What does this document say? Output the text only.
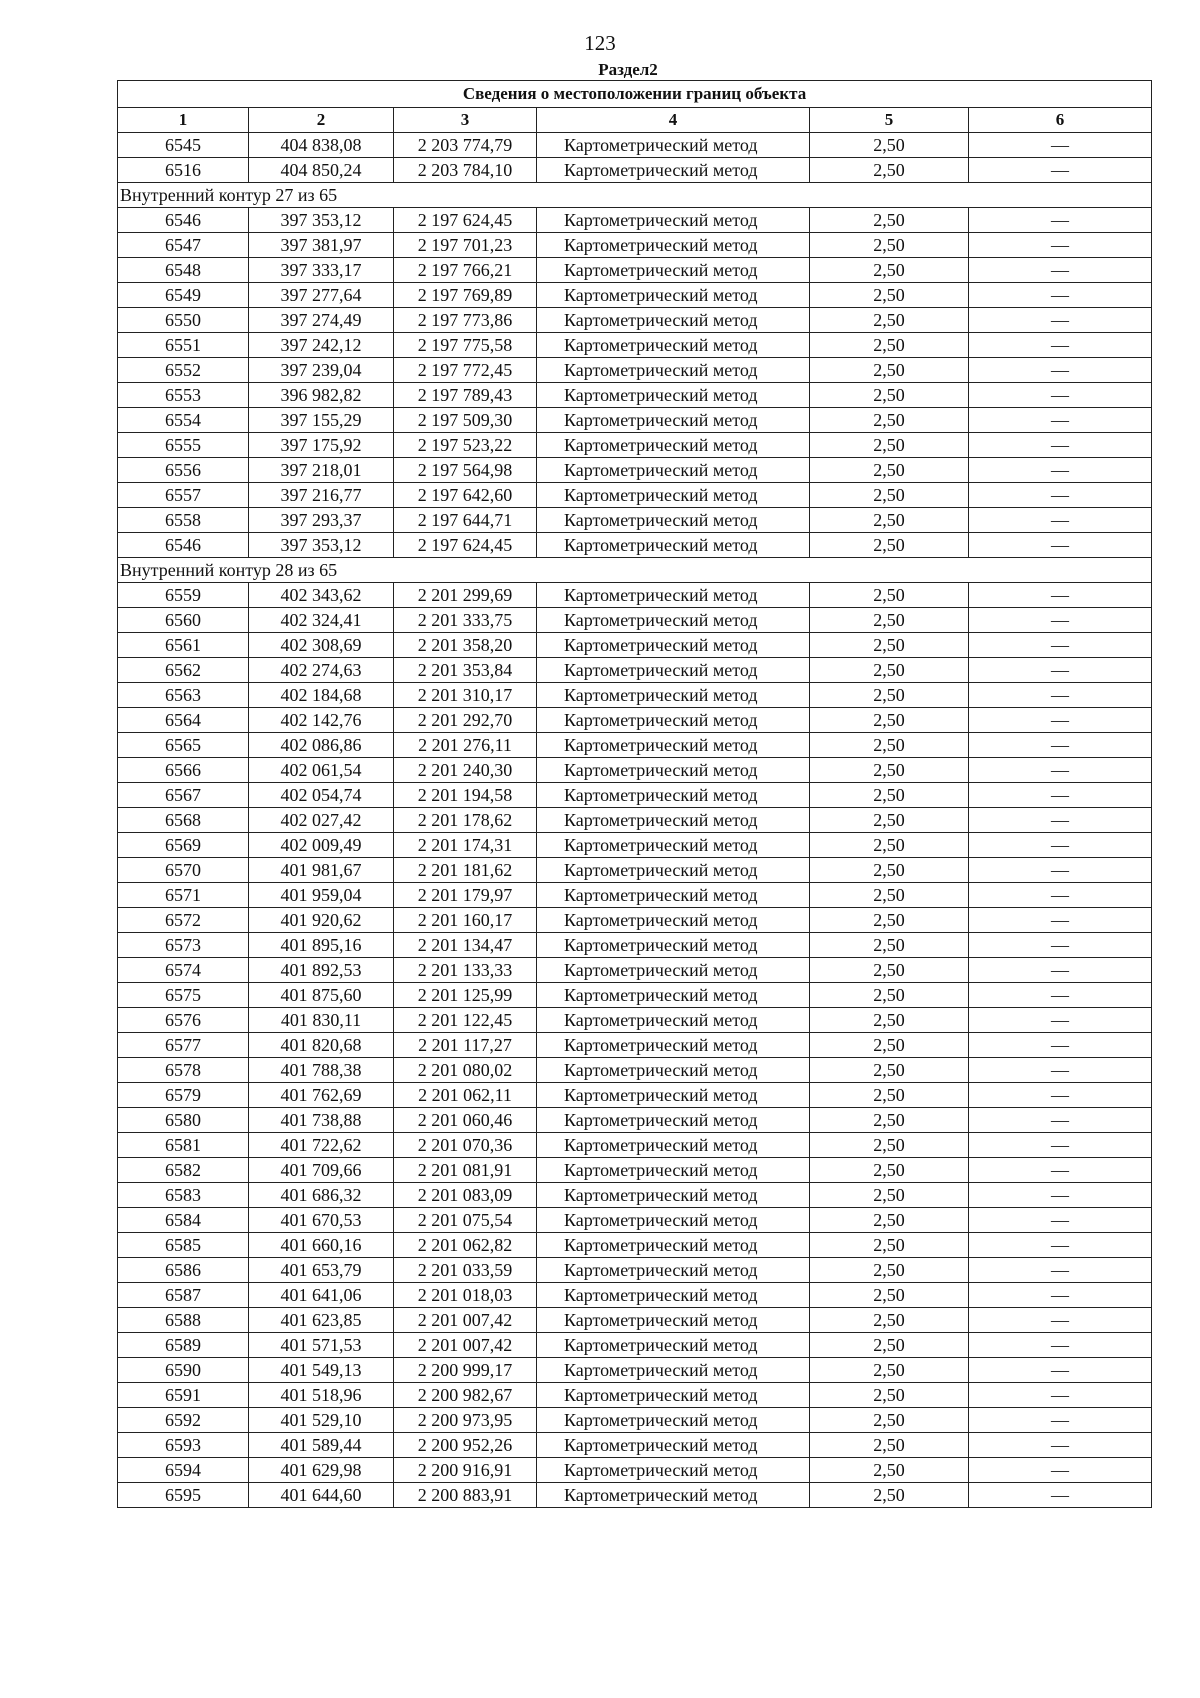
123
Раздел2
Сведения о местоположении границ объекта					
1	2	3	4	5	6
6545	404 838,08	2 203 774,79	Картометрический метод	2,50	—
6516	404 850,24	2 203 784,10	Картометрический метод	2,50	—
Внутренний контур 27 из 65					
6546	397 353,12	2 197 624,45	Картометрический метод	2,50	—
6547	397 381,97	2 197 701,23	Картометрический метод	2,50	—
6548	397 333,17	2 197 766,21	Картометрический метод	2,50	—
6549	397 277,64	2 197 769,89	Картометрический метод	2,50	—
6550	397 274,49	2 197 773,86	Картометрический метод	2,50	—
6551	397 242,12	2 197 775,58	Картометрический метод	2,50	—
6552	397 239,04	2 197 772,45	Картометрический метод	2,50	—
6553	396 982,82	2 197 789,43	Картометрический метод	2,50	—
6554	397 155,29	2 197 509,30	Картометрический метод	2,50	—
6555	397 175,92	2 197 523,22	Картометрический метод	2,50	—
6556	397 218,01	2 197 564,98	Картометрический метод	2,50	—
6557	397 216,77	2 197 642,60	Картометрический метод	2,50	—
6558	397 293,37	2 197 644,71	Картометрический метод	2,50	—
6546	397 353,12	2 197 624,45	Картометрический метод	2,50	—
Внутренний контур 28 из 65					
6559	402 343,62	2 201 299,69	Картометрический метод	2,50	—
6560	402 324,41	2 201 333,75	Картометрический метод	2,50	—
6561	402 308,69	2 201 358,20	Картометрический метод	2,50	—
6562	402 274,63	2 201 353,84	Картометрический метод	2,50	—
6563	402 184,68	2 201 310,17	Картометрический метод	2,50	—
6564	402 142,76	2 201 292,70	Картометрический метод	2,50	—
6565	402 086,86	2 201 276,11	Картометрический метод	2,50	—
6566	402 061,54	2 201 240,30	Картометрический метод	2,50	—
6567	402 054,74	2 201 194,58	Картометрический метод	2,50	—
6568	402 027,42	2 201 178,62	Картометрический метод	2,50	—
6569	402 009,49	2 201 174,31	Картометрический метод	2,50	—
6570	401 981,67	2 201 181,62	Картометрический метод	2,50	—
6571	401 959,04	2 201 179,97	Картометрический метод	2,50	—
6572	401 920,62	2 201 160,17	Картометрический метод	2,50	—
6573	401 895,16	2 201 134,47	Картометрический метод	2,50	—
6574	401 892,53	2 201 133,33	Картометрический метод	2,50	—
6575	401 875,60	2 201 125,99	Картометрический метод	2,50	—
6576	401 830,11	2 201 122,45	Картометрический метод	2,50	—
6577	401 820,68	2 201 117,27	Картометрический метод	2,50	—
6578	401 788,38	2 201 080,02	Картометрический метод	2,50	—
6579	401 762,69	2 201 062,11	Картометрический метод	2,50	—
6580	401 738,88	2 201 060,46	Картометрический метод	2,50	—
6581	401 722,62	2 201 070,36	Картометрический метод	2,50	—
6582	401 709,66	2 201 081,91	Картометрический метод	2,50	—
6583	401 686,32	2 201 083,09	Картометрический метод	2,50	—
6584	401 670,53	2 201 075,54	Картометрический метод	2,50	—
6585	401 660,16	2 201 062,82	Картометрический метод	2,50	—
6586	401 653,79	2 201 033,59	Картометрический метод	2,50	—
6587	401 641,06	2 201 018,03	Картометрический метод	2,50	—
6588	401 623,85	2 201 007,42	Картометрический метод	2,50	—
6589	401 571,53	2 201 007,42	Картометрический метод	2,50	—
6590	401 549,13	2 200 999,17	Картометрический метод	2,50	—
6591	401 518,96	2 200 982,67	Картометрический метод	2,50	—
6592	401 529,10	2 200 973,95	Картометрический метод	2,50	—
6593	401 589,44	2 200 952,26	Картометрический метод	2,50	—
6594	401 629,98	2 200 916,91	Картометрический метод	2,50	—
6595	401 644,60	2 200 883,91	Картометрический метод	2,50	—
